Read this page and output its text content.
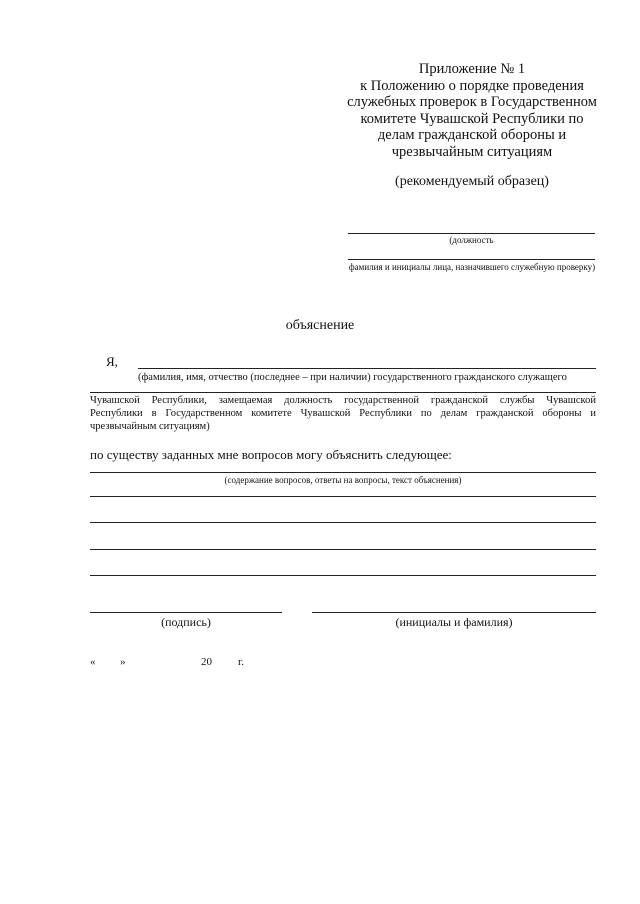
Приложение № 1
к Положению о порядке проведения
служебных проверок в Государственном
комитете Чувашской Республики по
делам гражданской обороны и
чрезвычайным ситуациям
(рекомендуемый образец)
(должность
фамилия и инициалы лица, назначившего служебную проверку)
объяснение
Я,
(фамилия, имя, отчество (последнее – при наличии) государственного гражданского служащего
Чувашской Республики, замещаемая должность государственной гражданской службы Чувашской
Республики в Государственном комитете Чувашской Республики по делам гражданской обороны и
чрезвычайным ситуациям)
по существу заданных мне вопросов могу объяснить следующее:
(содержание вопросов, ответы на вопросы, текст объяснения)
(подпись)	(инициалы и фамилия)
« »	20 г.
